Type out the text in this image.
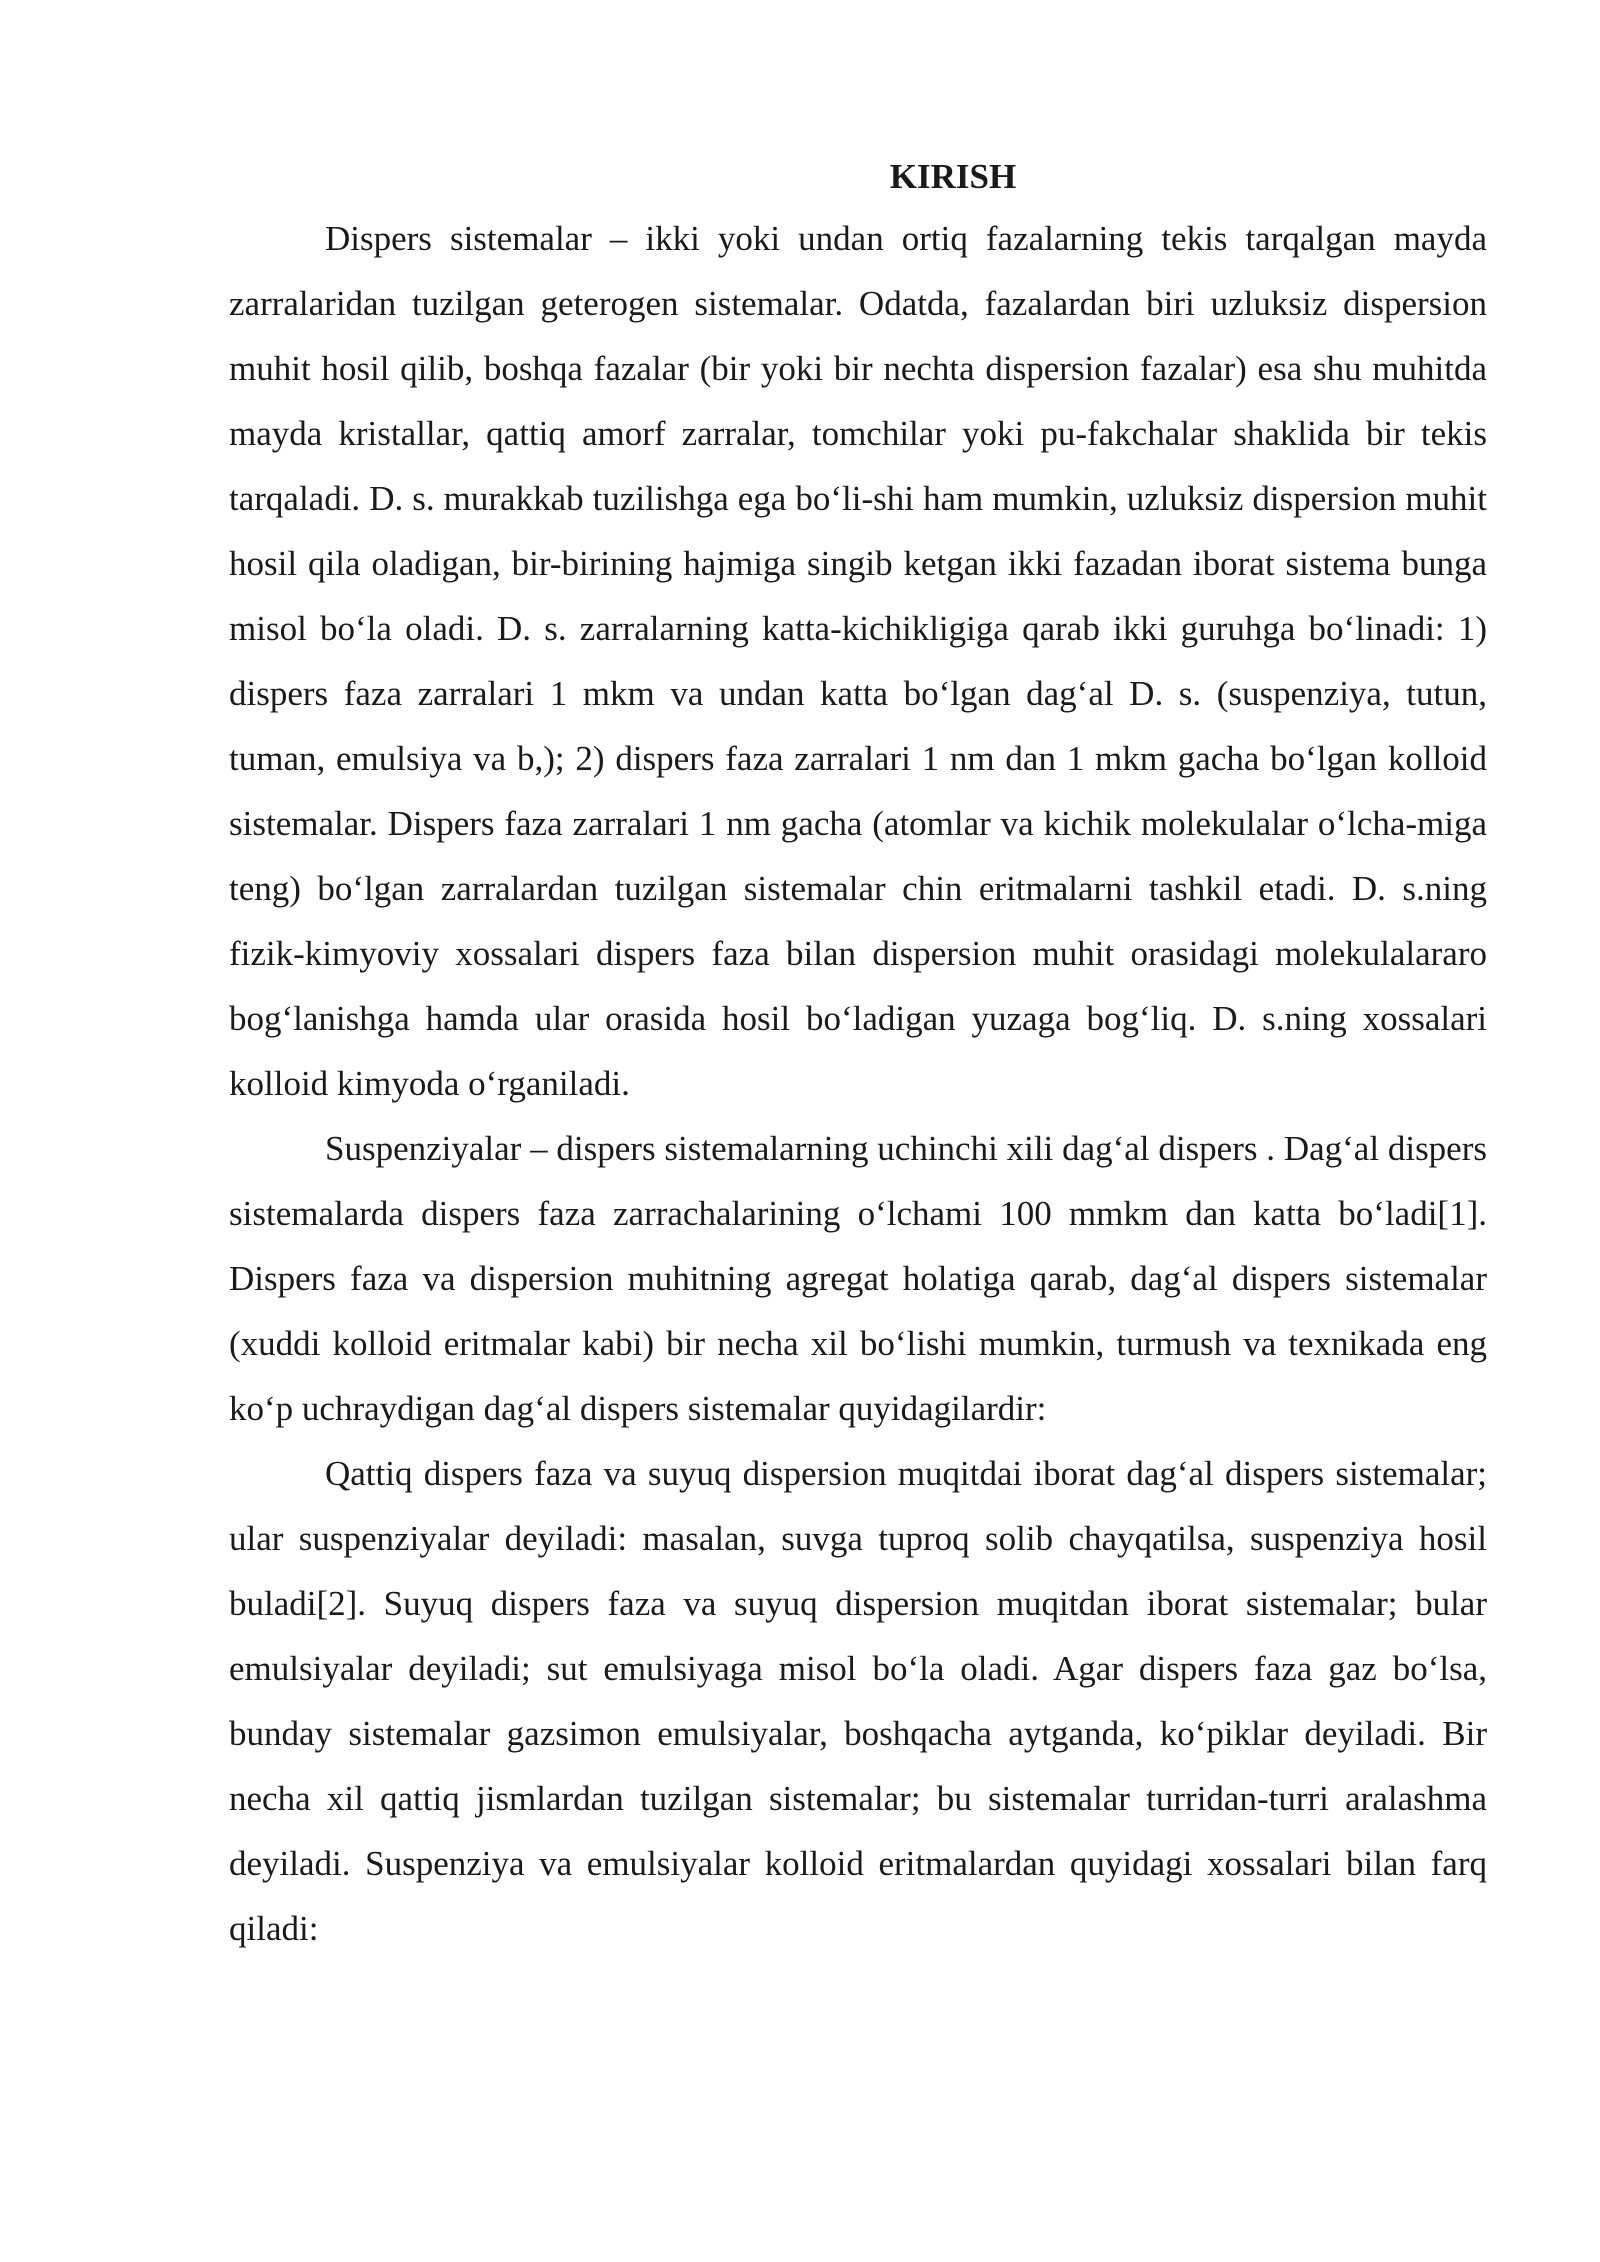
KIRISH

Dispers sistemalar – ikki yoki undan ortiq fazalarning tekis tarqalgan mayda zarralaridan tuzilgan geterogen sistemalar. Odatda, fazalardan biri uzluksiz dispersion muhit hosil qilib, boshqa fazalar (bir yoki bir nechta dispersion fazalar) esa shu muhitda mayda kristallar, qattiq amorf zarralar, tomchilar yoki pu-fakchalar shaklida bir tekis tarqaladi. D. s. murakkab tuzilishga ega boʻli-shi ham mumkin, uzluksiz dispersion muhit hosil qila oladigan, bir-birining hajmiga singib ketgan ikki fazadan iborat sistema bunga misol boʻla oladi. D. s. zarralarning katta-kichikligiga qarab ikki guruhga boʻlinadi: 1) dispers faza zarralari 1 mkm va undan katta boʻlgan dagʻal D. s. (suspenziya, tutun, tuman, emulsiya va b,); 2) dispers faza zarralari 1 nm dan 1 mkm gacha boʻlgan kolloid sistemalar. Dispers faza zarralari 1 nm gacha (atomlar va kichik molekulalar oʻlcha-miga teng) boʻlgan zarralardan tuzilgan sistemalar chin eritmalarni tashkil etadi. D. s.ning fizik-kimyoviy xossalari dispers faza bilan dispersion muhit orasidagi molekulalararo bogʻlanishga hamda ular orasida hosil boʻladigan yuzaga bogʻliq. D. s.ning xossalari kolloid kimyoda oʻrganiladi.

Suspenziyalar – dispers sistemalarning uchinchi xili dagʻal dispers . Dagʻal dispers sistemalarda dispers faza zarrachalarining oʻlchami 100 mmkm dan katta boʻladi[1]. Dispers faza va dispersion muhitning agregat holatiga qarab, dagʻal dispers sistemalar (xuddi kolloid eritmalar kabi) bir necha xil boʻlishi mumkin, turmush va texnikada eng koʻp uchraydigan dagʻal dispers sistemalar quyidagilardir:

Qattiq dispers faza va suyuq dispersion muqitdai iborat dagʻal dispers sistemalar; ular suspenziyalar deyiladi: masalan, suvga tuproq solib chayqatilsa, suspenziya hosil buladi[2]. Suyuq dispers faza va suyuq dispersion muqitdan iborat sistemalar; bular emulsiyalar deyiladi; sut emulsiyaga misol boʻla oladi. Agar dispers faza gaz boʻlsa, bunday sistemalar gazsimon emulsiyalar, boshqacha aytganda, koʻpiklar deyiladi. Bir necha xil qattiq jismlardan tuzilgan sistemalar; bu sistemalar turridan-turri aralashma deyiladi. Suspenziya va emulsiyalar kolloid eritmalardan quyidagi xossalari bilan farq qiladi:
